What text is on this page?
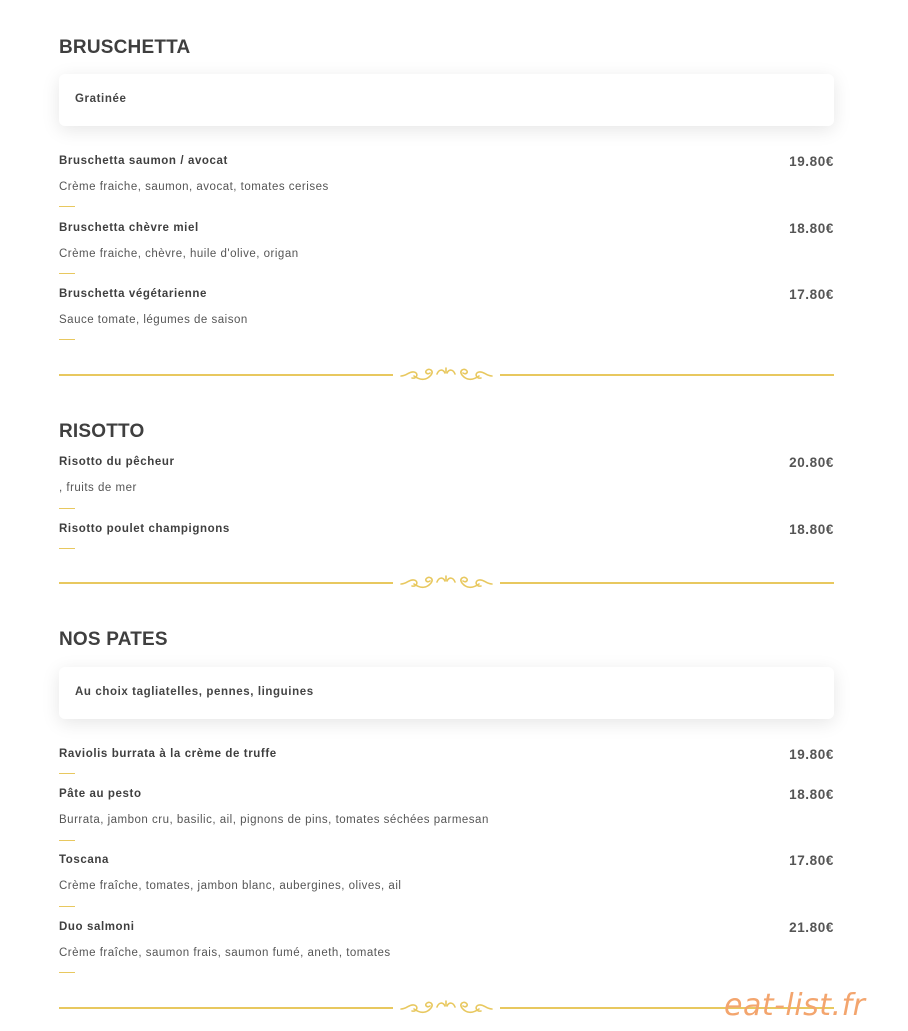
BRUSCHETTA
Gratinée
Bruschetta saumon / avocat	19.80€
Crème fraiche, saumon, avocat, tomates cerises
Bruschetta chèvre miel	18.80€
Crème fraiche, chèvre, huile d'olive, origan
Bruschetta végétarienne	17.80€
Sauce tomate, légumes de saison
RISOTTO
Risotto du pêcheur	20.80€
, fruits de mer
Risotto poulet champignons	18.80€
NOS PATES
Au choix tagliatelles, pennes, linguines
Raviolis burrata à la crème de truffe	19.80€
Pâte au pesto	18.80€
Burrata, jambon cru, basilic, ail, pignons de pins, tomates séchées parmesan
Toscana	17.80€
Crème fraîche, tomates, jambon blanc, aubergines, olives, ail
Duo salmoni	21.80€
Crème fraîche, saumon frais, saumon fumé, aneth, tomates
eat-list.fr
